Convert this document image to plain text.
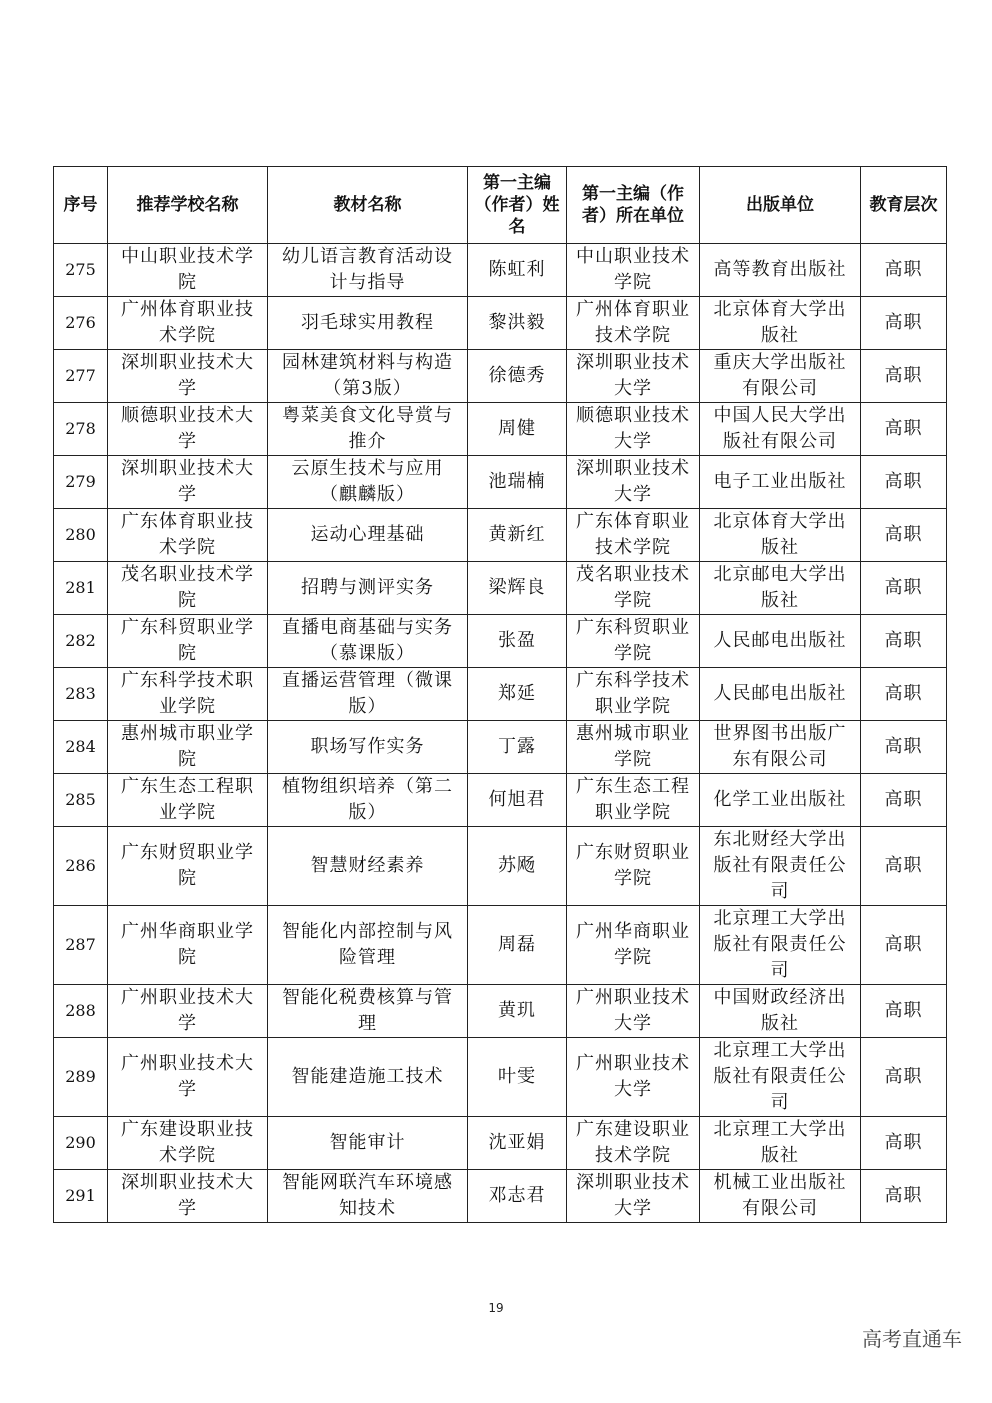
序号	推荐学校名称	教材名称	第一主编（作者）姓名	第一主编（作者）所在单位	出版单位	教育层次
275	中山职业技术学院	幼儿语言教育活动设计与指导	陈虹利	中山职业技术学院	高等教育出版社	高职
276	广州体育职业技术学院	羽毛球实用教程	黎洪毅	广州体育职业技术学院	北京体育大学出版社	高职
277	深圳职业技术大学	园林建筑材料与构造（第3版）	徐德秀	深圳职业技术大学	重庆大学出版社有限公司	高职
278	顺德职业技术大学	粤菜美食文化导赏与推介	周健	顺德职业技术大学	中国人民大学出版社有限公司	高职
279	深圳职业技术大学	云原生技术与应用（麒麟版）	池瑞楠	深圳职业技术大学	电子工业出版社	高职
280	广东体育职业技术学院	运动心理基础	黄新红	广东体育职业技术学院	北京体育大学出版社	高职
281	茂名职业技术学院	招聘与测评实务	梁辉良	茂名职业技术学院	北京邮电大学出版社	高职
282	广东科贸职业学院	直播电商基础与实务（慕课版）	张盈	广东科贸职业学院	人民邮电出版社	高职
283	广东科学技术职业学院	直播运营管理（微课版）	郑延	广东科学技术职业学院	人民邮电出版社	高职
284	惠州城市职业学院	职场写作实务	丁露	惠州城市职业学院	世界图书出版广东有限公司	高职
285	广东生态工程职业学院	植物组织培养（第二版）	何旭君	广东生态工程职业学院	化学工业出版社	高职
286	广东财贸职业学院	智慧财经素养	苏飏	广东财贸职业学院	东北财经大学出版社有限责任公司	高职
287	广州华商职业学院	智能化内部控制与风险管理	周磊	广州华商职业学院	北京理工大学出版社有限责任公司	高职
288	广州职业技术大学	智能化税费核算与管理	黄玑	广州职业技术大学	中国财政经济出版社	高职
289	广州职业技术大学	智能建造施工技术	叶雯	广州职业技术大学	北京理工大学出版社有限责任公司	高职
290	广东建设职业技术学院	智能审计	沈亚娟	广东建设职业技术学院	北京理工大学出版社	高职
291	深圳职业技术大学	智能网联汽车环境感知技术	邓志君	深圳职业技术大学	机械工业出版社有限公司	高职
19
高考直通车
